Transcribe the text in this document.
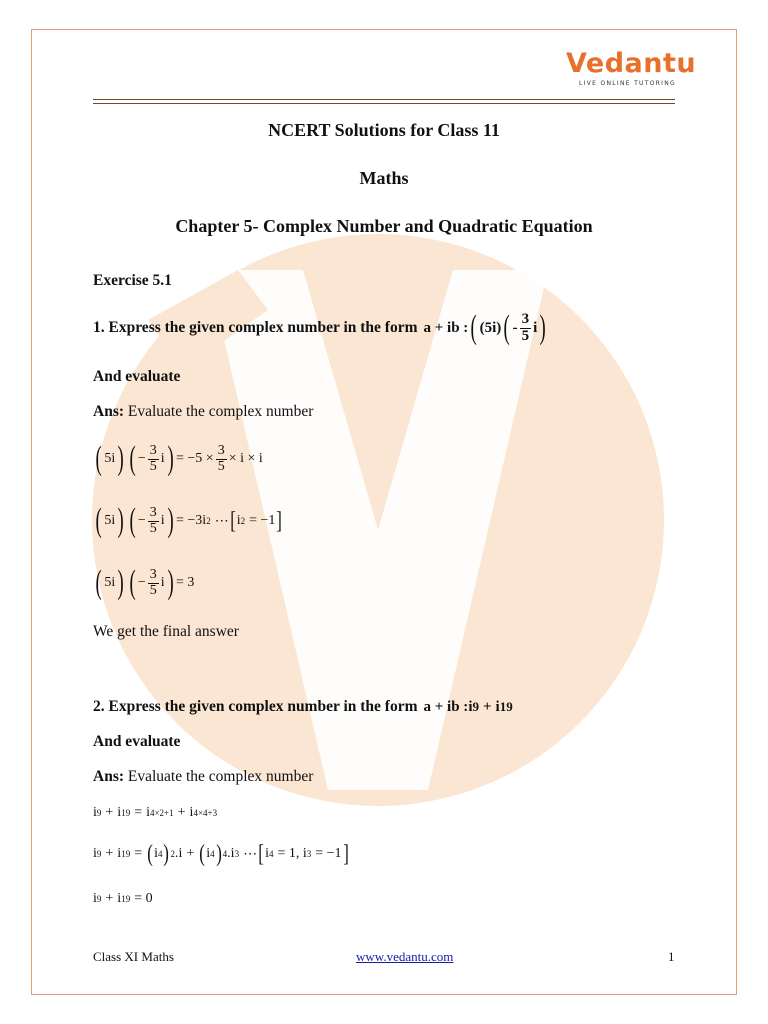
Vedantu
LIVE ONLINE TUTORING
NCERT Solutions for Class 11
Maths
Chapter 5- Complex Number and Quadratic Equation
Exercise 5.1
1. Express the given complex number in the form a + ib : ( (5i) ( - $\frac{3}{5}$ i )
And evaluate
Ans: Evaluate the complex number
( 5i ) ( − $\frac{3}{5}$ i ) = $-5 \times \frac{3}{5} \times i \times i$
( 5i ) ( − $\frac{3}{5}$ i ) = −3i 2 ⋯ [ i 2 = −1 ]
( 5i ) ( − $\frac{3}{5}$ i ) = 3
We get the final answer
2. Express the given complex number in the form a + ib : i 9 + i 19
And evaluate
Ans: Evaluate the complex number
i 9 + i 19 = i 4×2+1 + i 4×4+3
i 9 + i 19 = ( i 4 ) 2 .i + ( i 4 ) 4 .i 3 ⋯ [ i 4 = 1, i 3 = −1 ]
i 9 + i 19 = 0
Class XI Maths	www.vedantu.com	1
